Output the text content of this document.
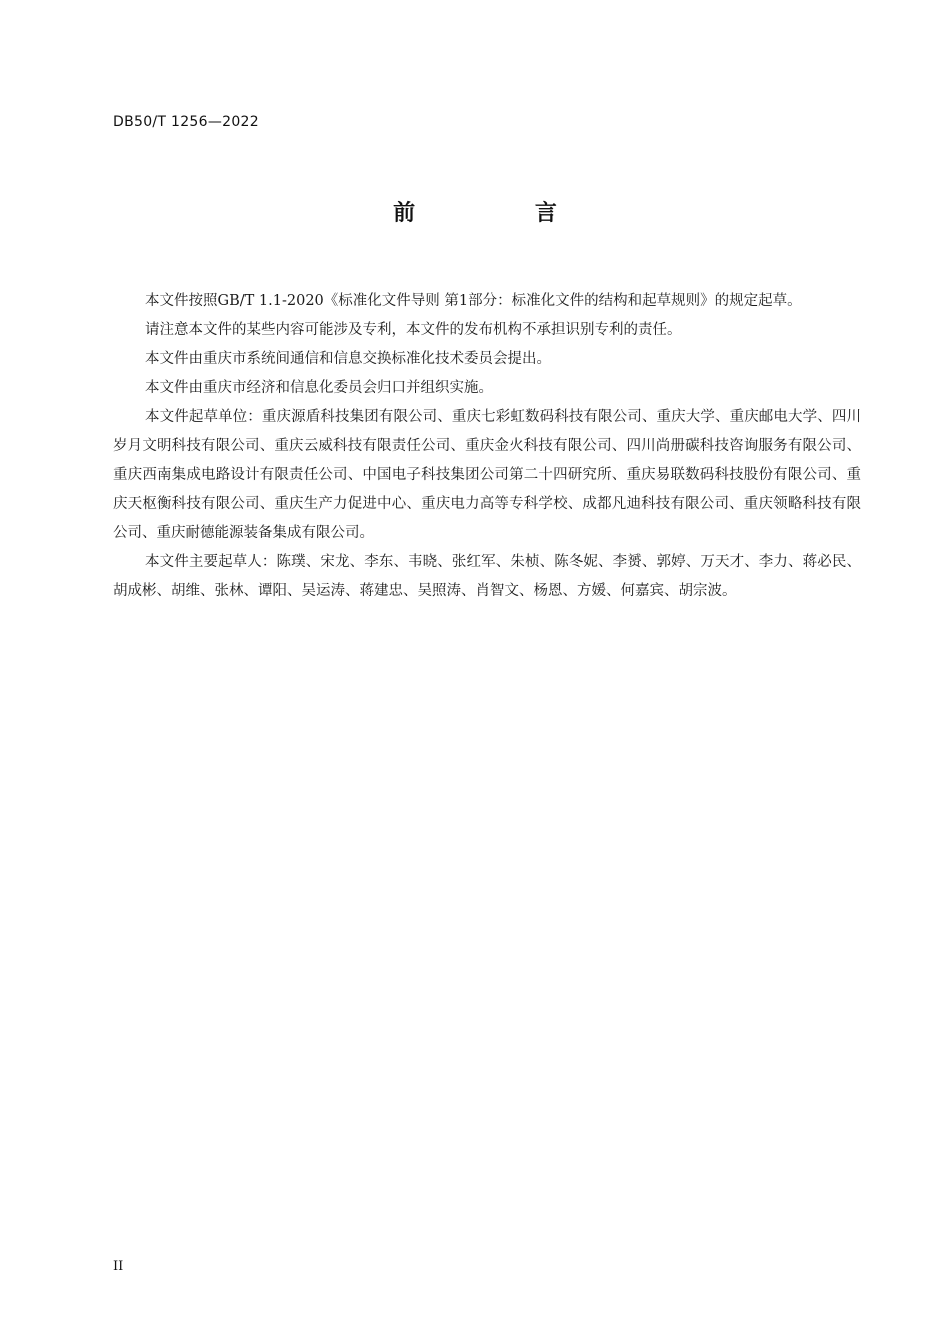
DB50/T 1256—2022
前 言

本文件按照GB/T 1.1-2020《标准化文件导则 第1部分：标准化文件的结构和起草规则》的规定起草。

请注意本文件的某些内容可能涉及专利，本文件的发布机构不承担识别专利的责任。

本文件由重庆市系统间通信和信息交换标准化技术委员会提出。

本文件由重庆市经济和信息化委员会归口并组织实施。

本文件起草单位：重庆源盾科技集团有限公司、重庆七彩虹数码科技有限公司、重庆大学、重庆邮电大学、四川岁月文明科技有限公司、重庆云威科技有限责任公司、重庆金火科技有限公司、四川尚册碳科技咨询服务有限公司、重庆西南集成电路设计有限责任公司、中国电子科技集团公司第二十四研究所、重庆易联数码科技股份有限公司、重庆天枢衡科技有限公司、重庆生产力促进中心、重庆电力高等专科学校、成都凡迪科技有限公司、重庆领略科技有限公司、重庆耐德能源装备集成有限公司。

本文件主要起草人：陈璞、宋龙、李东、韦晓、张红军、朱桢、陈冬妮、李赟、郭婷、万天才、李力、蒋必民、胡成彬、胡维、张林、谭阳、吴运涛、蒋建忠、吴照涛、肖智文、杨恩、方媛、何嘉宾、胡宗波。

II
